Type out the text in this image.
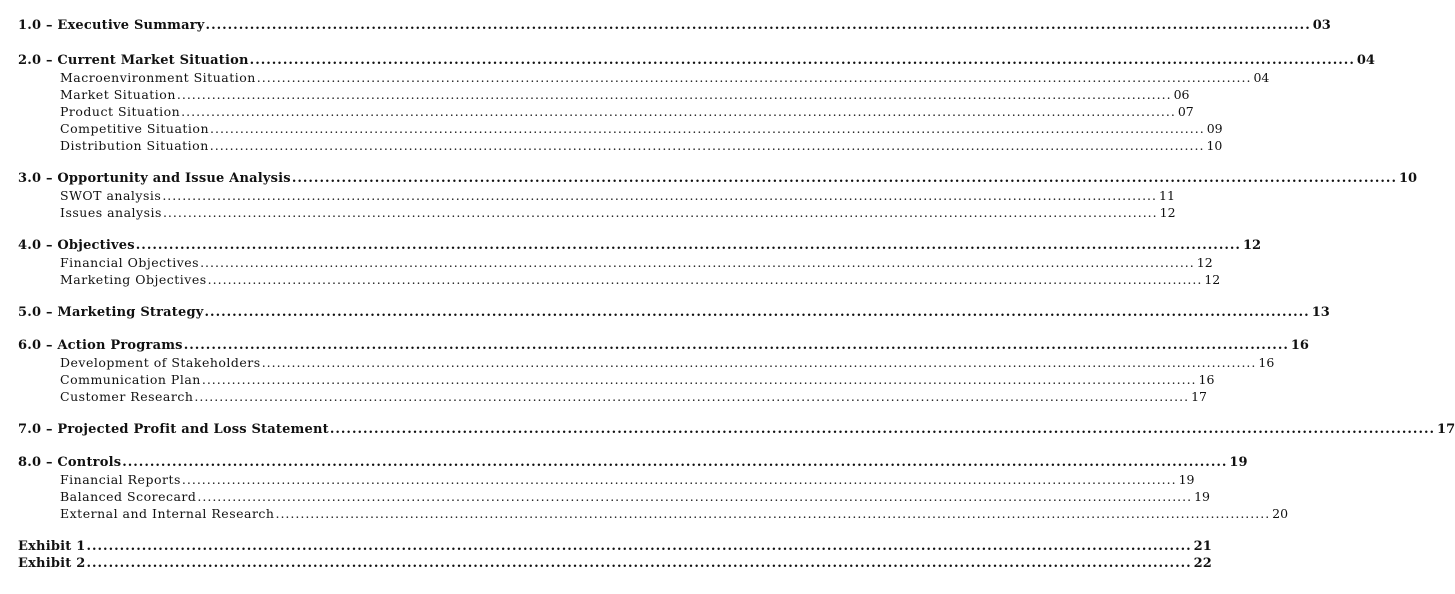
1.0 – Executive Summary ........................................................................................................................................................................................................ 03
2.0 – Current Market Situation ........................................................................................................................................................................................................ 04
Macroenvironment Situation ........................................................................................................................................................................................................ 04
Market Situation ........................................................................................................................................................................................................ 06
Product Situation ........................................................................................................................................................................................................ 07
Competitive Situation ........................................................................................................................................................................................................ 09
Distribution Situation ........................................................................................................................................................................................................ 10
3.0 – Opportunity and Issue Analysis ........................................................................................................................................................................................................ 10
SWOT analysis ........................................................................................................................................................................................................ 11
Issues analysis ........................................................................................................................................................................................................ 12
4.0 – Objectives ........................................................................................................................................................................................................ 12
Financial Objectives ........................................................................................................................................................................................................ 12
Marketing Objectives ........................................................................................................................................................................................................ 12
5.0 – Marketing Strategy ........................................................................................................................................................................................................ 13
6.0 – Action Programs ........................................................................................................................................................................................................ 16
Development of Stakeholders ........................................................................................................................................................................................................ 16
Communication Plan ........................................................................................................................................................................................................ 16
Customer Research ........................................................................................................................................................................................................ 17
7.0 – Projected Profit and Loss Statement ........................................................................................................................................................................................................ 17
8.0 – Controls ........................................................................................................................................................................................................ 19
Financial Reports ........................................................................................................................................................................................................ 19
Balanced Scorecard ........................................................................................................................................................................................................ 19
External and Internal Research ........................................................................................................................................................................................................ 20
Exhibit 1 ........................................................................................................................................................................................................ 21
Exhibit 2 ........................................................................................................................................................................................................ 22
